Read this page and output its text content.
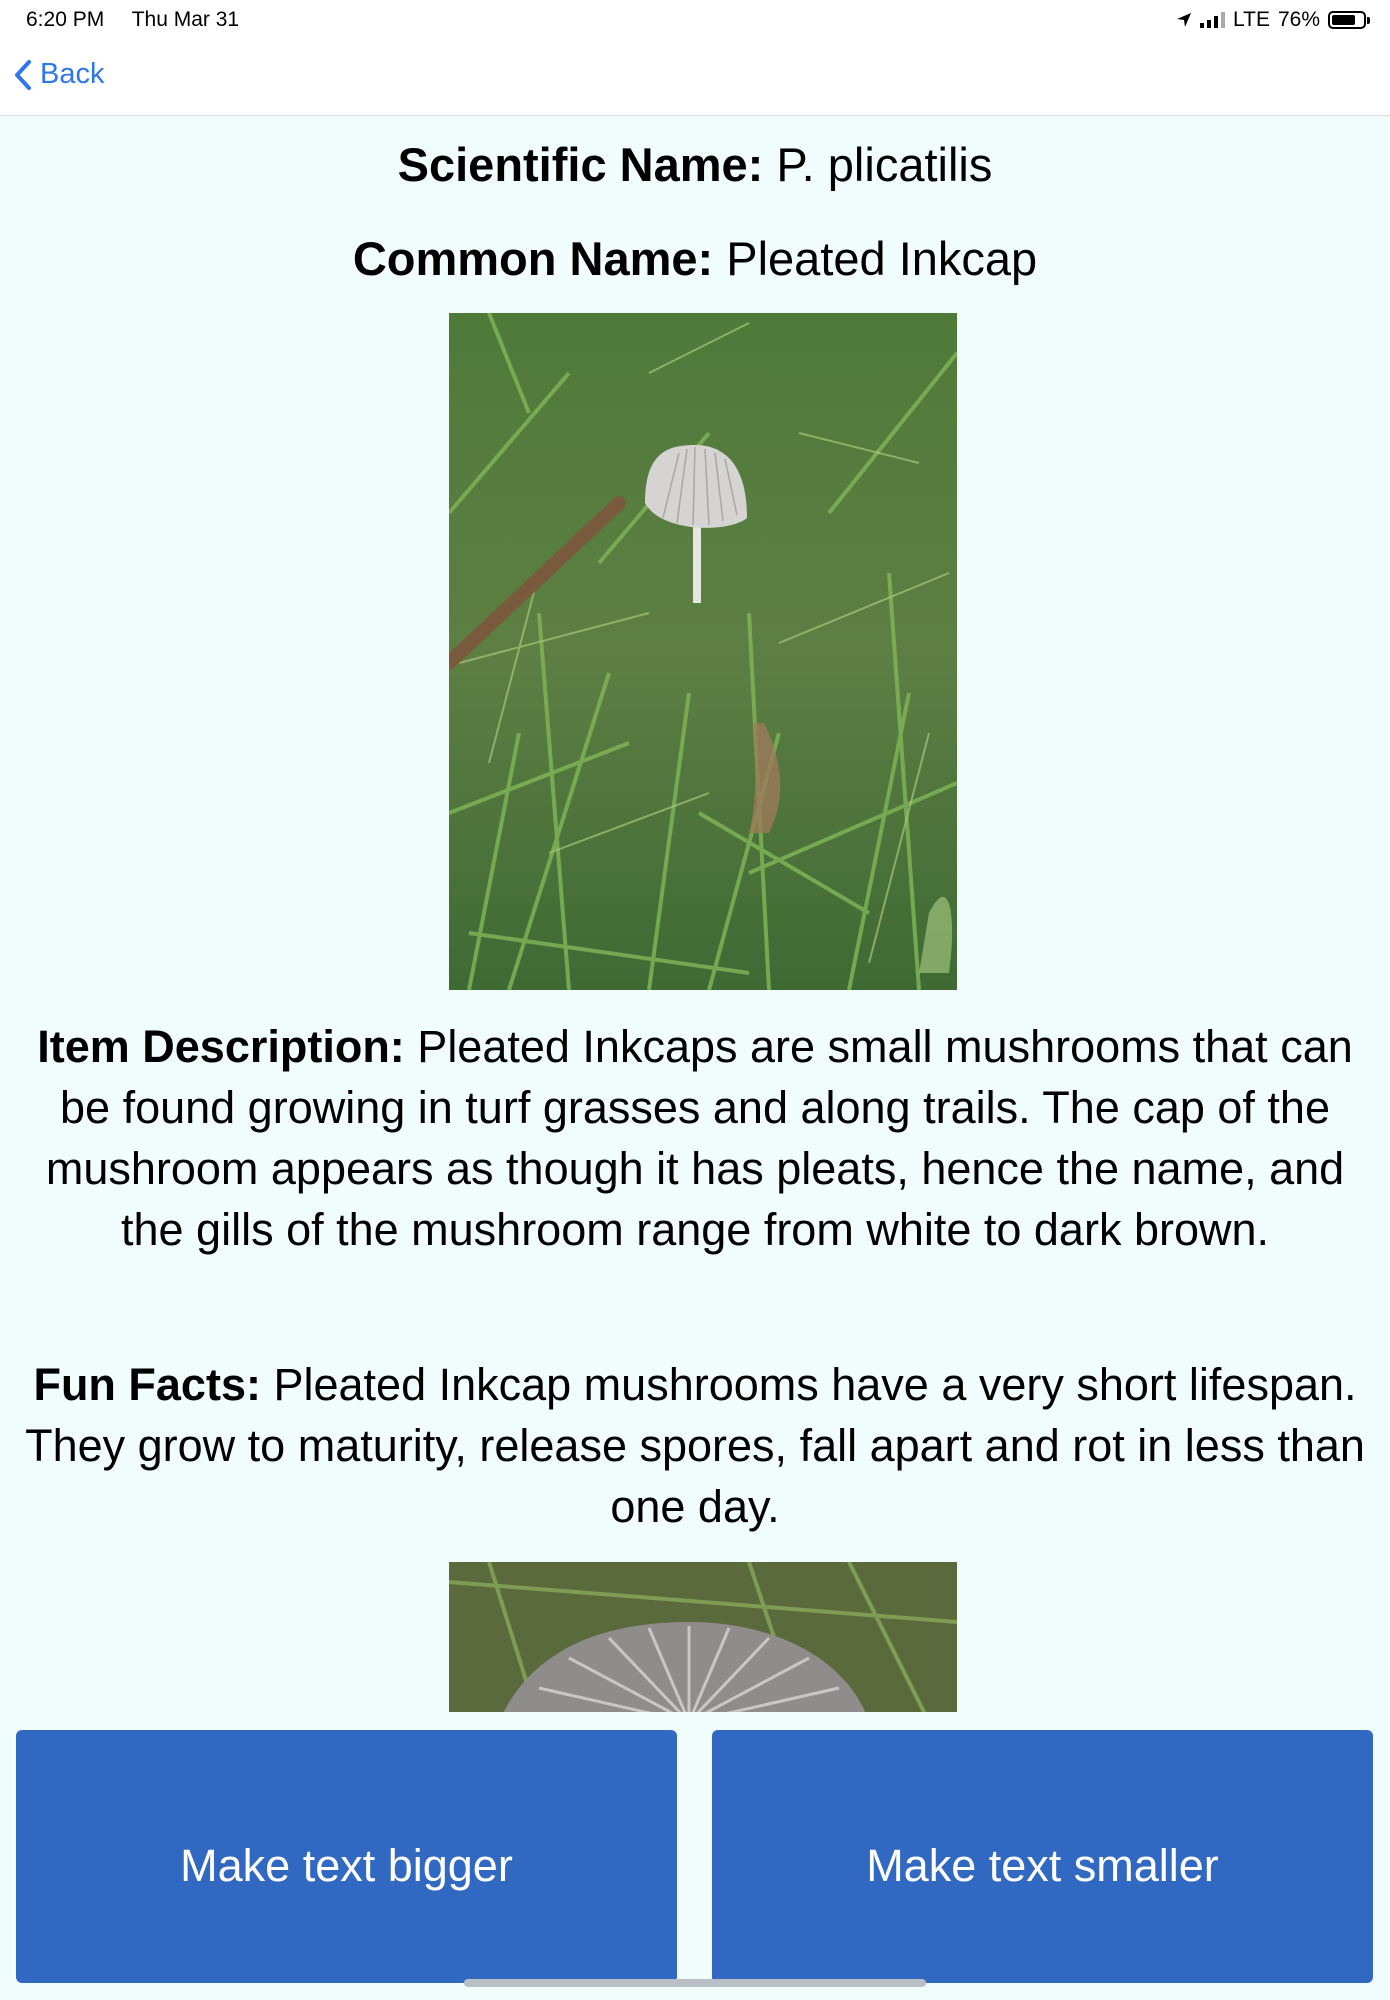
6:20 PM Thu Mar 31	LTE 76%
Back
Scientific Name: P. plicatilis
Common Name: Pleated Inkcap
Item Description: Pleated Inkcaps are small mushrooms that can be found growing in turf grasses and along trails. The cap of the mushroom appears as though it has pleats, hence the name, and the gills of the mushroom range from white to dark brown.
Fun Facts: Pleated Inkcap mushrooms have a very short lifespan. They grow to maturity, release spores, fall apart and rot in less than one day.
Make text bigger	Make text smaller
